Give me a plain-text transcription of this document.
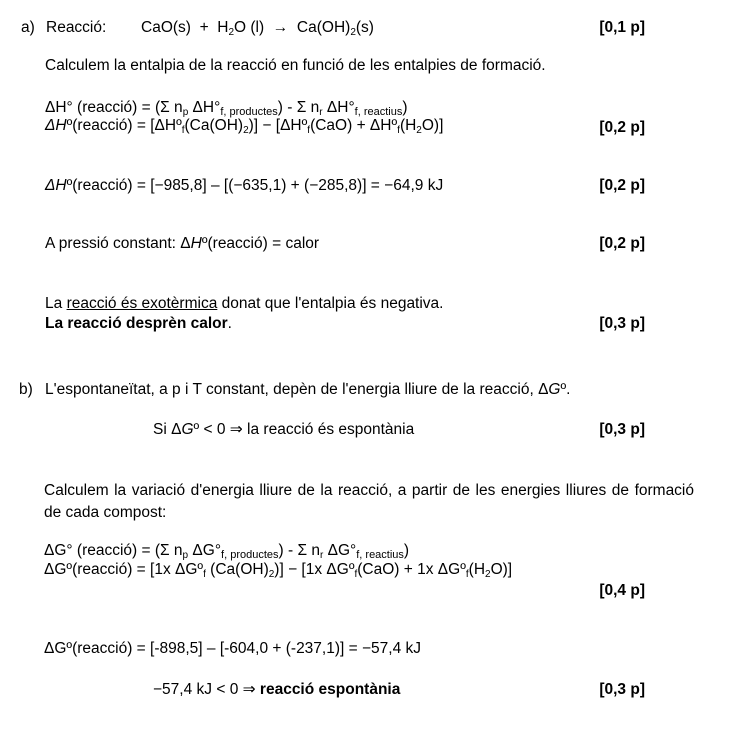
a) Reacció: $CaO(s) + H_2O$ $(l) \to Ca(OH)_2(s)$	[0,1 p]
Calculem la entalpia de la reacció en funció de les entalpies de formació.
ΔH° (reacció) = (Σ $n_p$ $\Delta H^\circ_{f, productes}$) - Σ $n_r$ $\Delta H^\circ_{f, reactius}$)
ΔHº(reacció) = $[\Delta Hº_f(Ca(OH)_2)]$ − [ΔHº$_f$(CaO) + $\Delta Hº_f(H_2O)$]	[0,2 p]
ΔHº(reacció) = [−985,8] – [(−635,1) + (−285,8)] = −64,9 kJ	[0,2 p]
A pressió constant: ΔHº(reacció) = calor	[0,2 p]
La reacció és exotèrmica donat que l'entalpia és negativa.
La reacció desprèn calor.	[0,3 p]
b) L'espontaneïtat, a p i T constant, depèn de l'energia lliure de la reacció, ΔGº.
Si ΔGº < 0 ⇒ la reacció és espontània	[0,3 p]
Calculem la variació d'energia lliure de la reacció, a partir de les energies lliures de formació de cada compost:
ΔG° (reacció) = (Σ $n_p$ $\Delta G^\circ_{f, productes}$) - Σ $n_r$ $\Delta G^\circ_{f, reactius}$)
ΔGº(reacció) = [1x ΔGº$_f$ $(Ca(OH)_2)] - [1x$ ΔGº$_f$(CaO) + 1x $\Delta Gº_f(H_2O)$]
[0,4 p]
ΔGº(reacció) = [-898,5] – [-604,0 + (-237,1)] = −57,4 kJ
−57,4 kJ < 0 ⇒ reacció espontània	[0,3 p]
